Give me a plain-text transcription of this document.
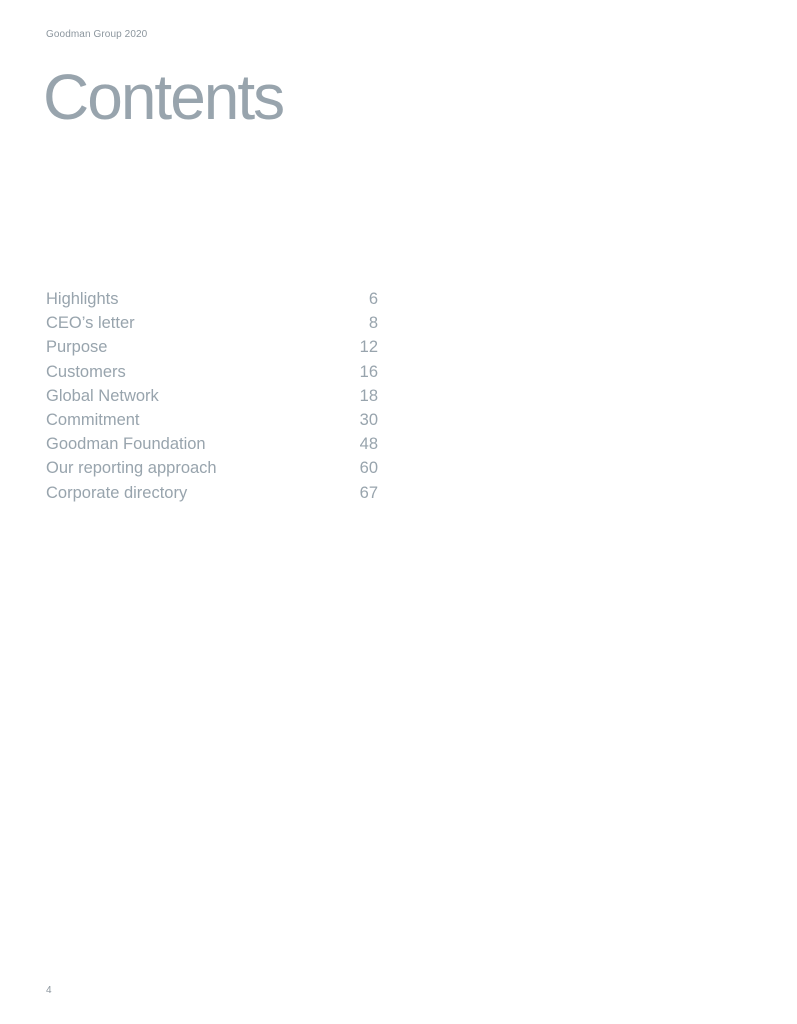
Goodman Group 2020
Contents
Highlights	6
CEO’s letter	8
Purpose	12
Customers	16
Global Network	18
Commitment	30
Goodman Foundation	48
Our reporting approach	60
Corporate directory	67
4
